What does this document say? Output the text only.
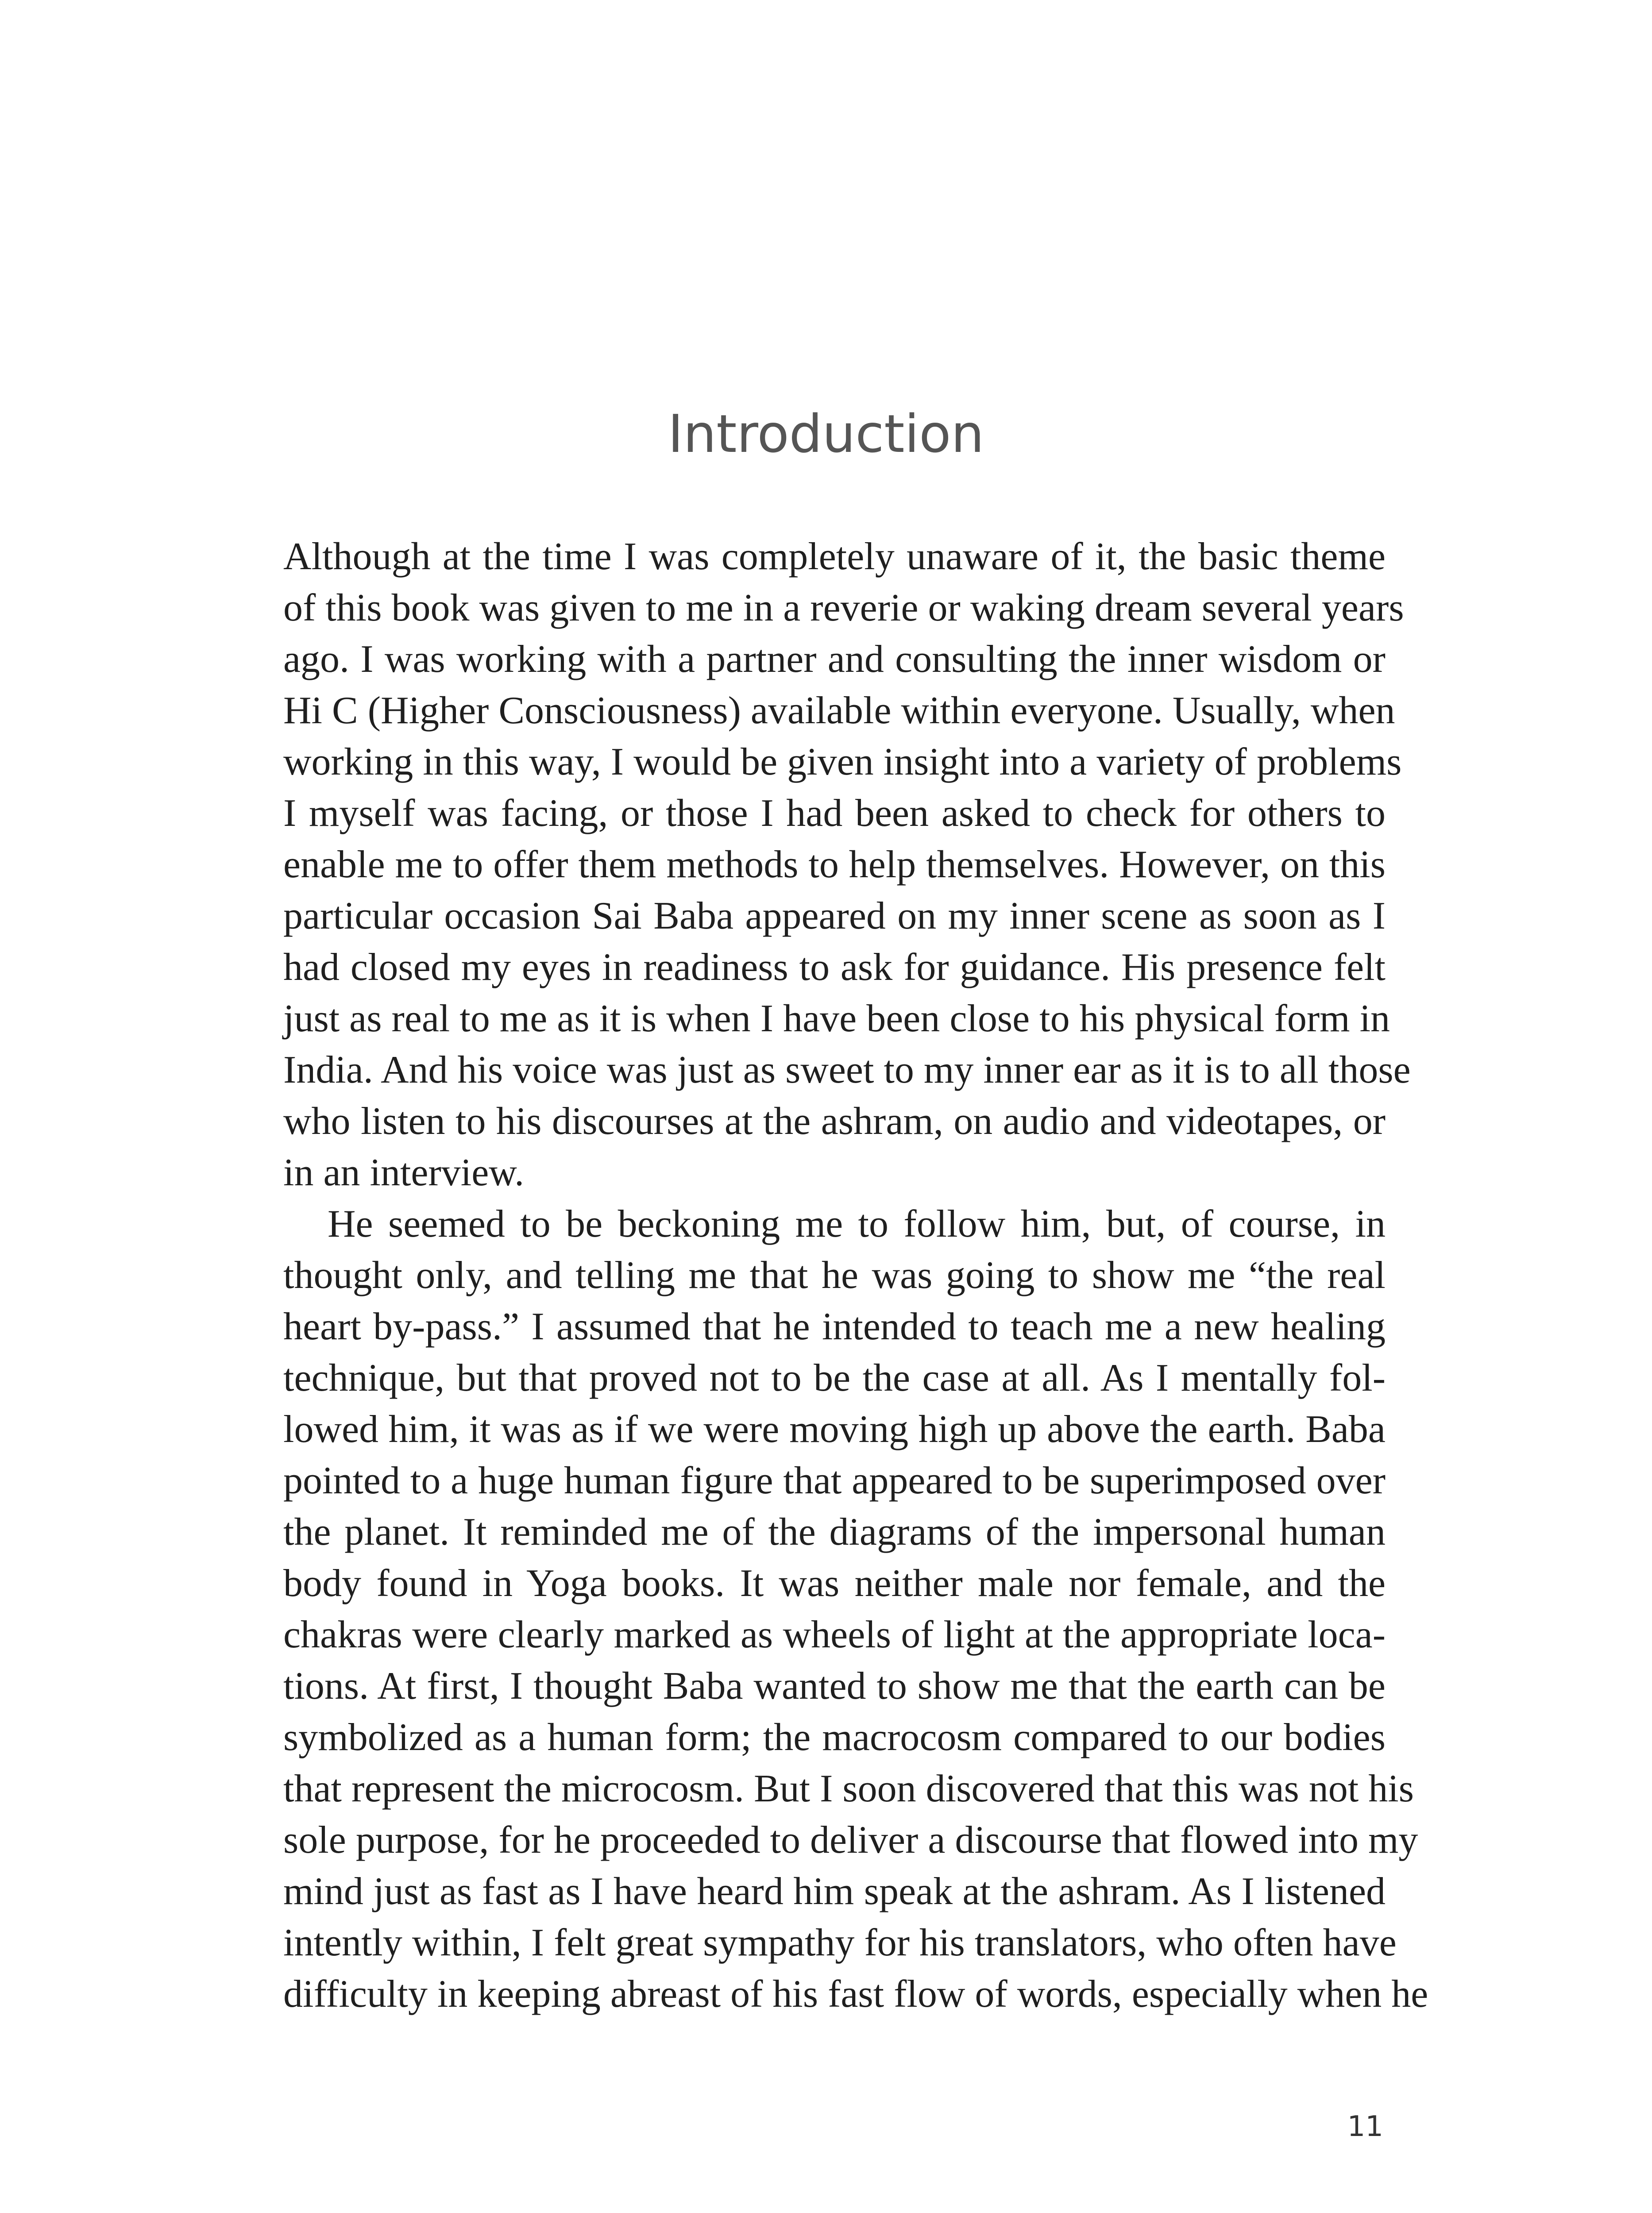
Introduction
Although at the time I was completely unaware of it, the basic theme
of this book was given to me in a reverie or waking dream several years
ago. I was working with a partner and consulting the inner wisdom or
Hi C (Higher Consciousness) available within everyone. Usually, when
working in this way, I would be given insight into a variety of problems
I myself was facing, or those I had been asked to check for others to
enable me to offer them methods to help themselves. However, on this
particular occasion Sai Baba appeared on my inner scene as soon as I
had closed my eyes in readiness to ask for guidance. His presence felt
just as real to me as it is when I have been close to his physical form in
India. And his voice was just as sweet to my inner ear as it is to all those
who listen to his discourses at the ashram, on audio and videotapes, or
in an interview.
He seemed to be beckoning me to follow him, but, of course, in
thought only, and telling me that he was going to show me “the real
heart by-pass.” I assumed that he intended to teach me a new healing
technique, but that proved not to be the case at all. As I mentally fol-
lowed him, it was as if we were moving high up above the earth. Baba
pointed to a huge human figure that appeared to be superimposed over
the planet. It reminded me of the diagrams of the impersonal human
body found in Yoga books. It was neither male nor female, and the
chakras were clearly marked as wheels of light at the appropriate loca-
tions. At first, I thought Baba wanted to show me that the earth can be
symbolized as a human form; the macrocosm compared to our bodies
that represent the microcosm. But I soon discovered that this was not his
sole purpose, for he proceeded to deliver a discourse that flowed into my
mind just as fast as I have heard him speak at the ashram. As I listened
intently within, I felt great sympathy for his translators, who often have
difficulty in keeping abreast of his fast flow of words, especially when he
11
